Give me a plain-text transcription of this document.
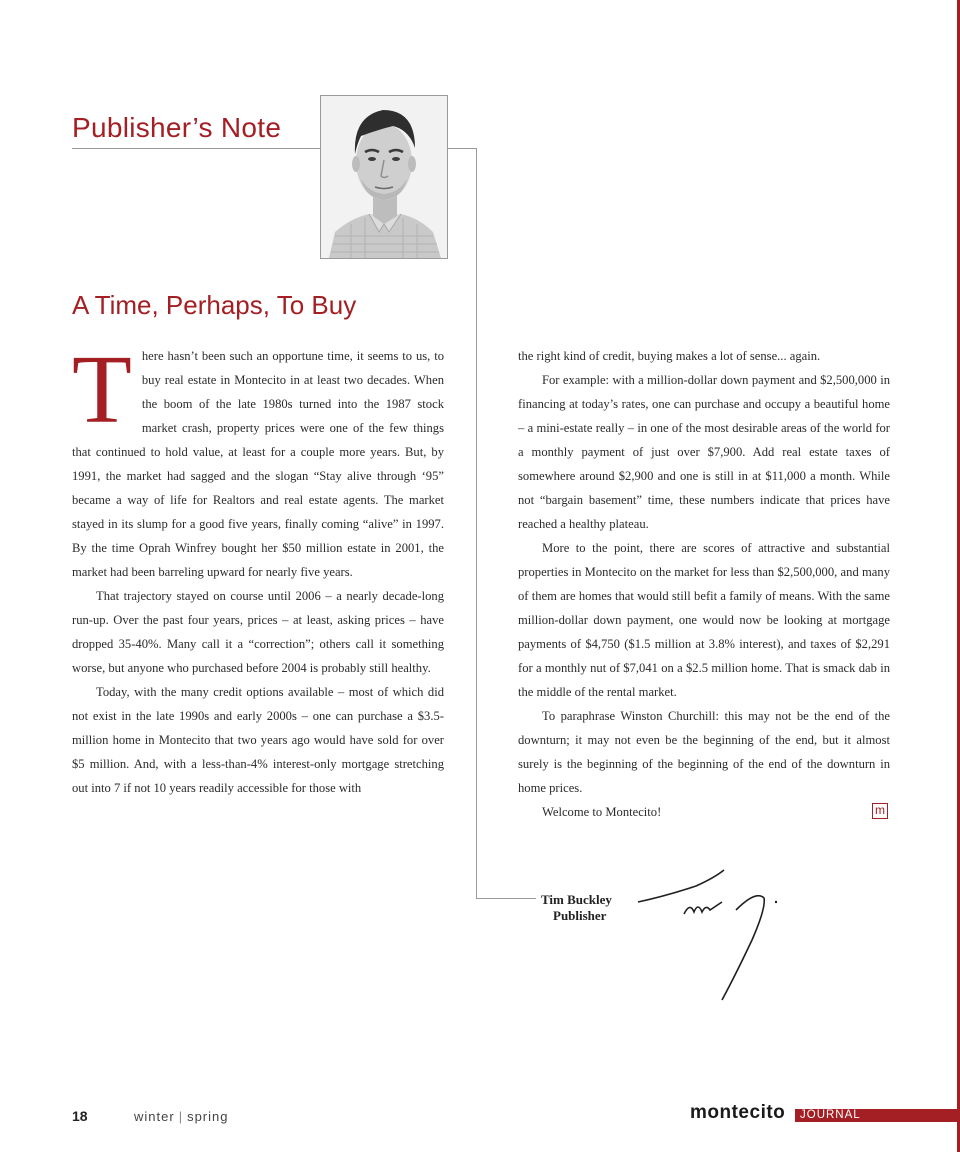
Publisher’s Note
A Time, Perhaps, To Buy

There hasn’t been such an opportune time, it seems to us, to buy real estate in Montecito in at least two decades. When the boom of the late 1980s turned into the 1987 stock market crash, property prices were one of the few things that continued to hold value, at least for a couple more years. But, by 1991, the market had sagged and the slogan “Stay alive through ‘95” became a way of life for Realtors and real estate agents. The market stayed in its slump for a good five years, finally coming “alive” in 1997. By the time Oprah Winfrey bought her $50 million estate in 2001, the market had been barreling upward for nearly five years.

That trajectory stayed on course until 2006 – a nearly decade-long run-up. Over the past four years, prices – at least, asking prices – have dropped 35-40%. Many call it a “correction”; others call it something worse, but anyone who purchased before 2004 is probably still healthy.

Today, with the many credit options available – most of which did not exist in the late 1990s and early 2000s – one can purchase a $3.5-million home in Montecito that two years ago would have sold for over $5 million. And, with a less-than-4% interest-only mortgage stretching out into 7 if not 10 years readily accessible for those with

the right kind of credit, buying makes a lot of sense... again.

For example: with a million-dollar down payment and $2,500,000 in financing at today’s rates, one can purchase and occupy a beautiful home – a mini-estate really – in one of the most desirable areas of the world for a monthly payment of just over $7,900. Add real estate taxes of somewhere around $2,900 and one is still in at $11,000 a month. While not “bargain basement” time, these numbers indicate that prices have reached a healthy plateau.

More to the point, there are scores of attractive and substantial properties in Montecito on the market for less than $2,500,000, and many of them are homes that would still befit a family of means. With the same million-dollar down payment, one would now be looking at mortgage payments of $4,750 ($1.5 million at 3.8% interest), and taxes of $2,291 for a monthly nut of $7,041 on a $2.5 million home. That is smack dab in the middle of the rental market.

To paraphrase Winston Churchill: this may not be the end of the downturn; it may not even be the beginning of the end, but it almost surely is the beginning of the beginning of the end of the downturn in home prices.

Welcome to Montecito!	m
Tim Buckley
Publisher
18	winter | spring	montecito JOURNAL
